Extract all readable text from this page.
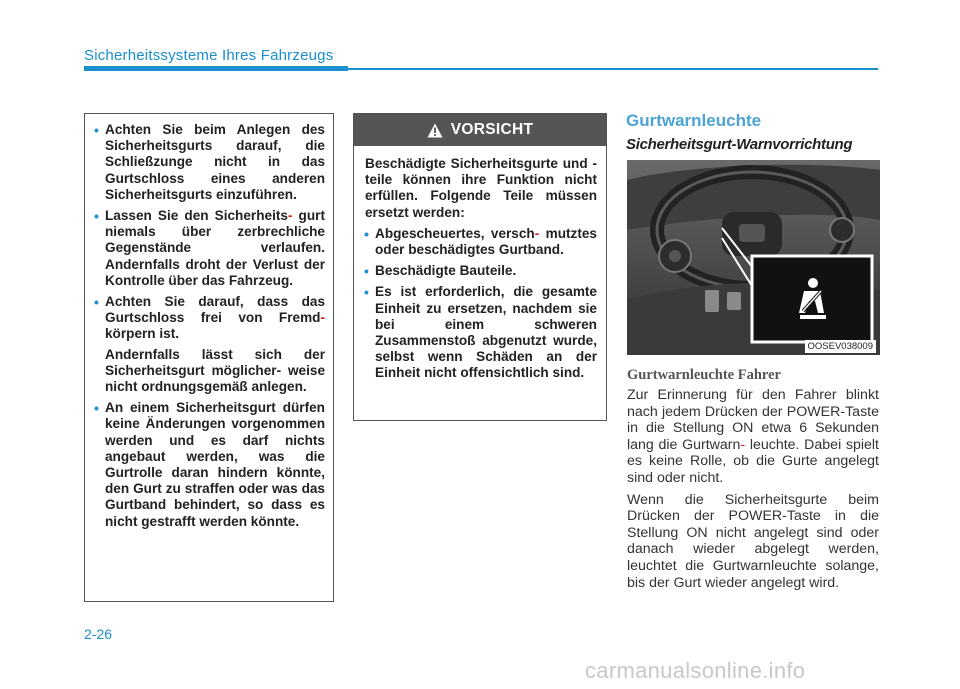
Sicherheitssysteme Ihres Fahrzeugs
• Achten Sie beim Anlegen des Sicherheitsgurts darauf, die Schließzunge nicht in das Gurtschloss eines anderen Sicherheitsgurts einzuführen.
• Lassen Sie den Sicherheits- gurt niemals über zerbrechliche Gegenstände verlaufen. Andernfalls droht der Verlust der Kontrolle über das Fahrzeug.
• Achten Sie darauf, dass das Gurtschloss frei von Fremd- körpern ist.

Andernfalls lässt sich der Sicherheitsgurt möglicher- weise nicht ordnungsgemäß anlegen.

• An einem Sicherheitsgurt dürfen keine Änderungen vorgenommen werden und es darf nichts angebaut werden, was die Gurtrolle daran hindern könnte, den Gurt zu straffen oder was das Gurtband behindert, so dass es nicht gestrafft werden könnte.
VORSICHT

Beschädigte Sicherheitsgurte und -teile können ihre Funktion nicht erfüllen. Folgende Teile müssen ersetzt werden:

• Abgescheuertes, versch- mutztes oder beschädigtes Gurtband.
• Beschädigte Bauteile.
• Es ist erforderlich, die gesamte Einheit zu ersetzen, nachdem sie bei einem schweren Zusammenstoß abgenutzt wurde, selbst wenn Schäden an der Einheit nicht offensichtlich sind.
Gurtwarnleuchte
Sicherheitsgurt-Warnvorrichtung
OOSEV038009
Gurtwarnleuchte Fahrer

Zur Erinnerung für den Fahrer blinkt nach jedem Drücken der POWER-Taste in die Stellung ON etwa 6 Sekunden lang die Gurtwarn- leuchte. Dabei spielt es keine Rolle, ob die Gurte angelegt sind oder nicht.

Wenn die Sicherheitsgurte beim Drücken der POWER-Taste in die Stellung ON nicht angelegt sind oder danach wieder abgelegt werden, leuchtet die Gurtwarnleuchte solange, bis der Gurt wieder angelegt wird.

2-26
carmanualsonline.info
